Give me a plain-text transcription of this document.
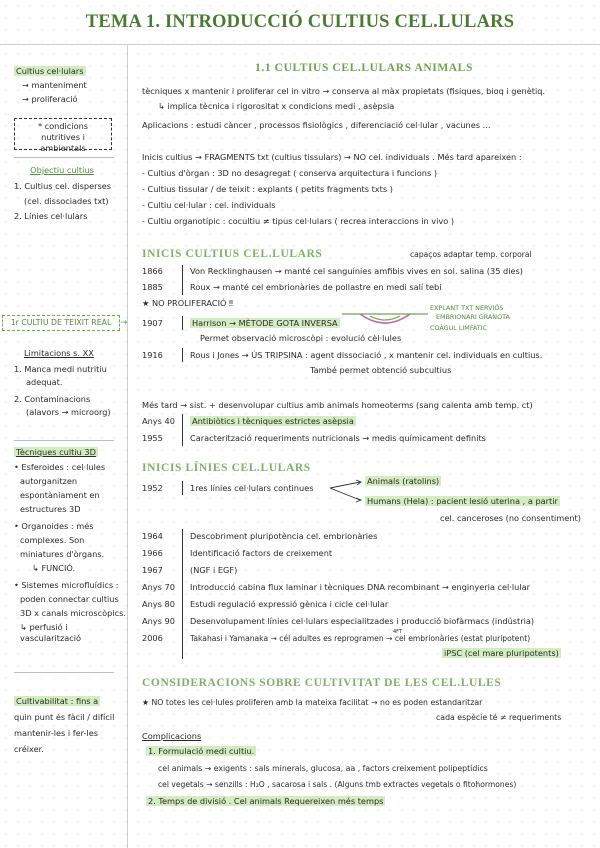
TEMA 1. INTRODUCCIÓ CULTIUS CEL.LULARS
Cultius cel·lulars
→ manteniment
→ proliferació
* condicions
nutritives i ambientals
Objectiu cultius
1. Cultius cel. disperses
(cel. dissociades txt)
2. Línies cel·lulars
1r CULTIU DE TEIXIT REAL →
Limitacions s. XX
1. Manca medi nutritiu
adequat.
2. Contaminacions
(alavors → microorg)
Tècniques cultiu 3D
• Esferoides : cel·lules
autorganitzen
espontàniament en
estructures 3D
• Organoides : més
complexes. Son
miniatures d'òrgans.
↳ FUNCIÓ.
• Sistemes microfluídics :
poden connectar cultius
3D x canals microscòpics.
↳ perfusió i vascularització
Cultivabilitat : fins a
quin punt és fàcil / difícil
mantenir-les i fer-les
créixer.
1.1 CULTIUS CEL.LULARS ANIMALS
tècniques x mantenir i proliferar cel in vitro → conserva al màx propietats (fisiques, bioq i genètiq.
↳ implica tècnica i rigorositat x condicions medi , asèpsia
Aplicacions : estudi càncer , processos fisiològics , diferenciació cel·lular , vacunes ...
Inicis cultius → FRAGMENTS txt (cultius tissulars) → NO cel. individuals . Més tard apareixen :
- Cultius d'òrgan : 3D no desagregat ( conserva arquitectura i funcions )
- Cultius tissular / de teixit : explants ( petits fragments txts )
- Cultiu cel·lular : cel. individuals
- Cultiu organotípic : cocultiu ≠ tipus cel·lulars ( recrea interaccions in vivo )
INICIS CULTIUS CEL.LULARS	capaços adaptar temp. corporal
1866	Von Recklinghausen → manté cel sanguínies amfibis vives en sol. salina (35 dies)
1885	Roux → manté cel embrionàries de pollastre en medi salí tebi
★ NO PROLIFERACIÓ ‼
1907	Harrison → MÈTODE GOTA INVERSA
Permet observació microscòpi : evolució cèl·lules
1916	Rous i Jones → ÚS TRIPSINA : agent dissociació , x mantenir cel. individuals en cultius.
També permet obtenció subcultius
Més tard → sist. + desenvolupar cultius amb animals homeoterms (sang calenta amb temp. ct)
Anys 40 Antibiòtics i tècniques estrictes asèpsia
1955	Caracterització requeriments nutricionals → medis químicament definits
EXPLANT TXT NERVIÓS
EMBRIONARI GRANOTA
COÀGUL LIMFÀTIC
INICIS LÍNIES CEL.LULARS
1952	1res línies cel·lulars continues
Animals (ratolins)
Humans (Hela) : pacient lesió uterina , a partir
cel. canceroses (no consentiment)
1964	Descobriment pluripotència cel. embrionàries
1966	Identificació factors de creixement
1967	(NGF i EGF)
Anys 70 Introducció cabina flux laminar i tècniques DNA recombinant → enginyeria cel·lular
Anys 80 Estudi regulació expressió gènica i cicle cel·lular
Anys 90 Desenvolupament línies cel·lulars especialitzades i producció biofàrmacs (indústria)
2006	Takahasi i Yamanaka → cél adultes es reprogramen → cel embrionàries (estat pluripotent)
4FT
iPSC (cel mare pluripotents)
CONSIDERACIONS SOBRE CULTIVITAT DE LES CEL.LULES
★ NO totes les cel·lules proliferen amb la mateixa facilitat → no es poden estandaritzar
cada espècie té ≠ requeriments
Complicacions
1. Formulació medi cultiu.
cel animals → exigents : sals minerals, glucosa, aa , factors creixement polipeptídics
cel vegetals → senzills : H₂O , sacarosa i sals . (Alguns tmb extractes vegetals o fitohormones)
2. Temps de divisió . Cel animals Requereixen més temps
